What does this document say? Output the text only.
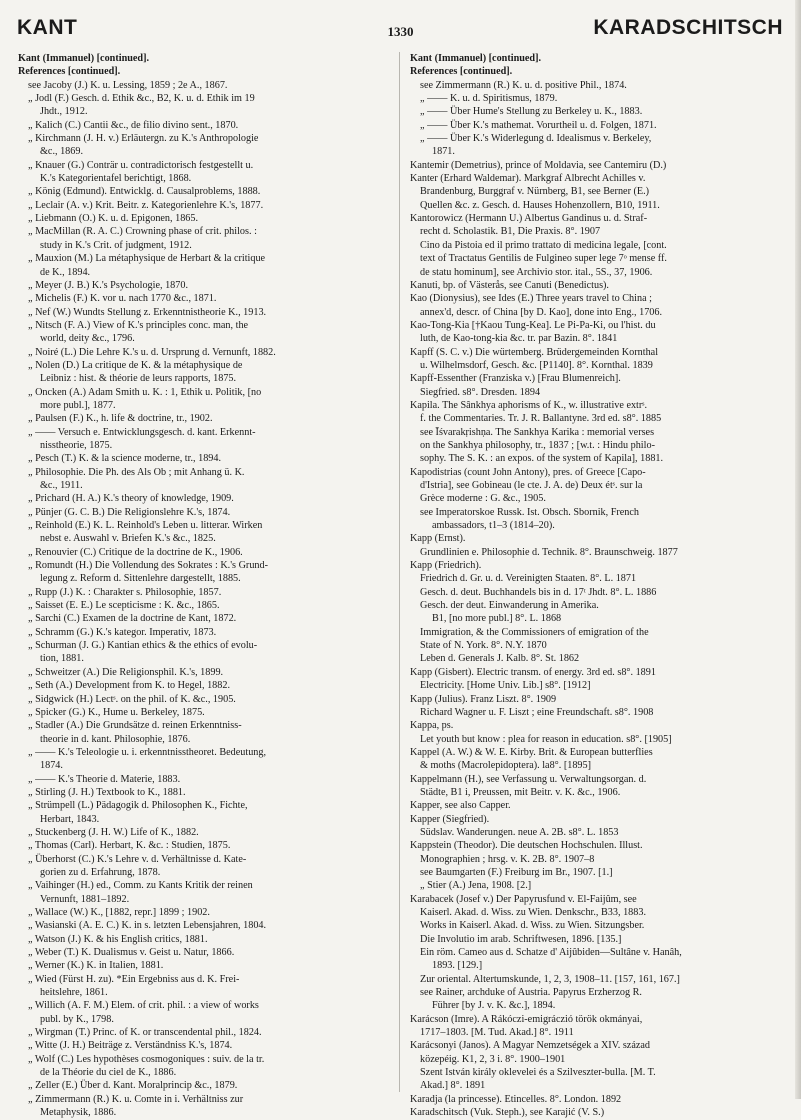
KANT	1330	KARADSCHITSCH
Kant (Immanuel) [continued].
References [continued].
see Jacoby (J.) K. u. Lessing, 1859 ; 2e A., 1867.
„ Jodl (F.) Gesch. d. Ethik &c., B2, K. u. d. Ethik im 19
Jhdt., 1912.
„ Kalich (C.) Cantii &c., de filio divino sent., 1870.
„ Kirchmann (J. H. v.) Erläutergn. zu K.'s Anthropologie
&c., 1869.
„ Knauer (G.) Conträr u. contradictorisch festgestellt u.
K.'s Kategorientafel berichtigt, 1868.
„ König (Edmund). Entwicklg. d. Causalproblems, 1888.
„ Leclair (A. v.) Krit. Beitr. z. Kategorienlehre K.'s, 1877.
„ Liebmann (O.) K. u. d. Epigonen, 1865.
„ MacMillan (R. A. C.) Crowning phase of crit. philos. :
study in K.'s Crit. of judgment, 1912.
„ Mauxion (M.) La métaphysique de Herbart & la critique
de K., 1894.
„ Meyer (J. B.) K.'s Psychologie, 1870.
„ Michelis (F.) K. vor u. nach 1770 &c., 1871.
„ Nef (W.) Wundts Stellung z. Erkenntnistheorie K., 1913.
„ Nitsch (F. A.) View of K.'s principles conc. man, the
world, deity &c., 1796.
„ Noiré (L.) Die Lehre K.'s u. d. Ursprung d. Vernunft, 1882.
„ Nolen (D.) La critique de K. & la métaphysique de
Leibniz : hist. & théorie de leurs rapports, 1875.
„ Oncken (A.) Adam Smith u. K. : 1, Ethik u. Politik, [no
more publ.], 1877.
„ Paulsen (F.) K., h. life & doctrine, tr., 1902.
„ —— Versuch e. Entwicklungsgesch. d. kant. Erkennt-
nisstheorie, 1875.
„ Pesch (T.) K. & la science moderne, tr., 1894.
„ Philosophie. Die Ph. des Als Ob ; mit Anhang ü. K.
&c., 1911.
„ Prichard (H. A.) K.'s theory of knowledge, 1909.
„ Pünjer (G. C. B.) Die Religionslehre K.'s, 1874.
„ Reinhold (E.) K. L. Reinhold's Leben u. litterar. Wirken
nebst e. Auswahl v. Briefen K.'s &c., 1825.
„ Renouvier (C.) Critique de la doctrine de K., 1906.
„ Romundt (H.) Die Vollendung des Sokrates : K.'s Grund-
legung z. Reform d. Sittenlehre dargestellt, 1885.
„ Rupp (J.) K. : Charakter s. Philosophie, 1857.
„ Saisset (E. E.) Le scepticisme : K. &c., 1865.
„ Sarchi (C.) Examen de la doctrine de Kant, 1872.
„ Schramm (G.) K.'s kategor. Imperativ, 1873.
„ Schurman (J. G.) Kantian ethics & the ethics of evolu-
tion, 1881.
„ Schweitzer (A.) Die Religionsphil. K.'s, 1899.
„ Seth (A.) Development from K. to Hegel, 1882.
„ Sidgwick (H.) Lectˢ. on the phil. of K. &c., 1905.
„ Spicker (G.) K., Hume u. Berkeley, 1875.
„ Stadler (A.) Die Grundsätze d. reinen Erkenntniss-
theorie in d. kant. Philosophie, 1876.
„ —— K.'s Teleologie u. i. erkenntnisstheoret. Bedeutung,
1874.
„ —— K.'s Theorie d. Materie, 1883.
„ Stirling (J. H.) Textbook to K., 1881.
„ Strümpell (L.) Pädagogik d. Philosophen K., Fichte,
Herbart, 1843.
„ Stuckenberg (J. H. W.) Life of K., 1882.
„ Thomas (Carl). Herbart, K. &c. : Studien, 1875.
„ Überhorst (C.) K.'s Lehre v. d. Verhältnisse d. Kate-
gorien zu d. Erfahrung, 1878.
„ Vaihinger (H.) ed., Comm. zu Kants Kritik der reinen
Vernunft, 1881–1892.
„ Wallace (W.) K., [1882, repr.] 1899 ; 1902.
„ Wasianski (A. E. C.) K. in s. letzten Lebensjahren, 1804.
„ Watson (J.) K. & his English critics, 1881.
„ Weber (T.) K. Dualismus v. Geist u. Natur, 1866.
„ Werner (K.) K. in Italien, 1881.
„ Wied (Fürst H. zu). *Ein Ergebniss aus d. K. Frei-
heitslehre, 1861.
„ Willich (A. F. M.) Elem. of crit. phil. : a view of works
publ. by K., 1798.
„ Wirgman (T.) Princ. of K. or transcendental phil., 1824.
„ Witte (J. H.) Beiträge z. Verständniss K.'s, 1874.
„ Wolf (C.) Les hypothèses cosmogoniques : suiv. de la tr.
de la Théorie du ciel de K., 1886.
„ Zeller (E.) Über d. Kant. Moralprincip &c., 1879.
„ Zimmermann (R.) K. u. Comte in i. Verhältniss zur
Metaphysik, 1886.
Kant (Immanuel) [continued].
References [continued].
see Zimmermann (R.) K. u. d. positive Phil., 1874.
„ —— K. u. d. Spiritismus, 1879.
„ —— Über Hume's Stellung zu Berkeley u. K., 1883.
„ —— Über K.'s mathemat. Vorurtheil u. d. Folgen, 1871.
„ —— Über K.'s Widerlegung d. Idealismus v. Berkeley,
1871.
Kantemir (Demetrius), prince of Moldavia, see Cantemiru (D.)
Kanter (Erhard Waldemar). Markgraf Albrecht Achilles v.
Brandenburg, Burggraf v. Nürnberg, B1, see Berner (E.)
Quellen &c. z. Gesch. d. Hauses Hohenzollern, B10, 1911.
Kantorowicz (Hermann U.) Albertus Gandinus u. d. Straf-
recht d. Scholastik. B1, Die Praxis. 8°. 1907
Cino da Pistoia ed il primo trattato di medicina legale, [cont.
text of Tractatus Gentilis de Fulgineo super lege 7ᵒ mense ff.
de statu hominum], see Archivio stor. ital., 5S., 37, 1906.
Kanuti, bp. of Västerås, see Canuti (Benedictus).
Kao (Dionysius), see Ides (E.) Three years travel to China ;
annex'd, descr. of China [by D. Kao], done into Eng., 1706.
Kao-Tong-Kia [†Kaou Tung-Kea]. Le Pi-Pa-Ki, ou l'hist. du
luth, de Kao-tong-kia &c. tr. par Bazin. 8°. 1841
Kapff (S. C. v.) Die würtemberg. Brüdergemeinden Kornthal
u. Wilhelmsdorf, Gesch. &c. [P1140]. 8°. Kornthal. 1839
Kapff-Essenther (Franziska v.) [Frau Blumenreich].
Siegfried. s8°. Dresden. 1894
Kapila. The Sânkhya aphorisms of K., w. illustrative extrˢ.
f. the Commentaries. Tr. J. R. Ballantyne. 3rd ed. s8°. 1885
see Īśvarakṛishṇa. The Sankhya Karika : memorial verses
on the Sankhya philosophy, tr., 1837 ; [w.t. : Hindu philo-
sophy. The S. K. : an expos. of the system of Kapila], 1881.
Kapodistrias (count John Antony), pres. of Greece [Capo-
d'Istria], see Gobineau (le cte. J. A. de) Deux étˢ. sur la
Grèce moderne : G. &c., 1905.
see Imperatorskoe Russk. Ist. Obsch. Sbornik, French
ambassadors, t1–3 (1814–20).
Kapp (Ernst).
Grundlinien e. Philosophie d. Technik. 8°. Braunschweig. 1877
Kapp (Friedrich).
Friedrich d. Gr. u. d. Vereinigten Staaten. 8°. L. 1871
Gesch. d. deut. Buchhandels bis in d. 17ᵗ Jhdt. 8°. L. 1886
Gesch. der deut. Einwanderung in Amerika.
B1, [no more publ.] 8°. L. 1868
Immigration, & the Commissioners of emigration of the
State of N. York. 8°. N.Y. 1870
Leben d. Generals J. Kalb. 8°. St. 1862
Kapp (Gisbert). Electric transm. of energy. 3rd ed. s8°. 1891
Electricity. [Home Univ. Lib.] s8°. [1912]
Kapp (Julius). Franz Liszt. 8°. 1909
Richard Wagner u. F. Liszt ; eine Freundschaft. s8°. 1908
Kappa, ps.
Let youth but know : plea for reason in education. s8°. [1905]
Kappel (A. W.) & W. E. Kirby. Brit. & European butterflies
& moths (Macrolepidoptera). la8°. [1895]
Kappelmann (H.), see Verfassung u. Verwaltungsorgan. d.
Städte, B1 i, Preussen, mit Beitr. v. K. &c., 1906.
Kapper, see also Capper.
Kapper (Siegfried).
Südslav. Wanderungen. neue A. 2B. s8°. L. 1853
Kappstein (Theodor). Die deutschen Hochschulen. Illust.
Monographien ; hrsg. v. K. 2B. 8°. 1907–8
see Baumgarten (F.) Freiburg im Br., 1907. [1.]
„ Stier (A.) Jena, 1908. [2.]
Karabacek (Josef v.) Der Papyrusfund v. El-Faijûm, see
Kaiserl. Akad. d. Wiss. zu Wien. Denkschr., B33, 1883.
Works in Kaiserl. Akad. d. Wiss. zu Wien. Sitzungsber.
Die Involutio im arab. Schriftwesen, 1896. [135.]
Ein röm. Cameo aus d. Schatze d' Aijûbiden—Sultâne v. Hanâh,
1893. [129.]
Zur oriental. Altertumskunde, 1, 2, 3, 1908–11. [157, 161, 167.]
see Rainer, archduke of Austria. Papyrus Erzherzog R.
Führer [by J. v. K. &c.], 1894.
Karácson (Imre). A Rákóczi-emigráczió török okmányai,
1717–1803. [M. Tud. Akad.] 8°. 1911
Karácsonyi (Janos). A Magyar Nemzetségek a XIV. század
közepéig. K1, 2, 3 i. 8°. 1900–1901
Szent István király oklevelei és a Szilveszter-bulla. [M. T.
Akad.] 8°. 1891
Karadja (la princesse). Etincelles. 8°. London. 1892
Karadschitsch (Vuk. Steph.), see Karajić (V. S.)
